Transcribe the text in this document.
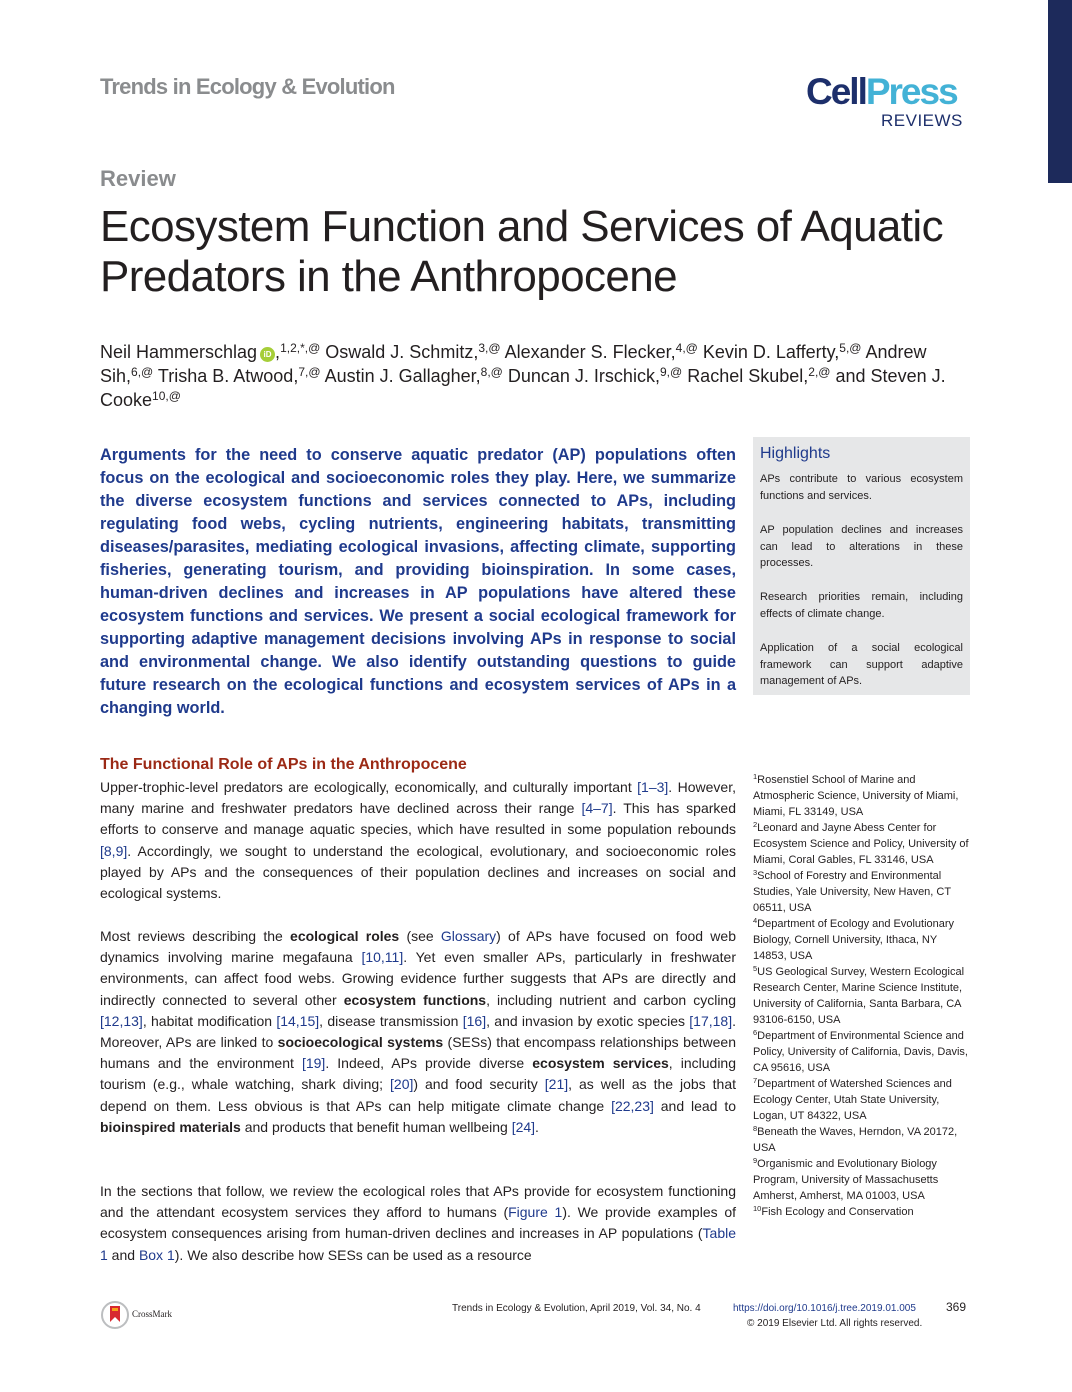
Trends in Ecology & Evolution	CellPress
REVIEWS
Review
Ecosystem Function and Services of Aquatic Predators in the Anthropocene
Neil Hammerschlag iD ,$^{1,2,*,@}$ Oswald J. Schmitz,$^{3,@}$ Alexander S. Flecker,$^{4,@}$ Kevin D. Lafferty,$^{5,@}$ Andrew Sih,$^{6,@}$ Trisha B. Atwood,$^{7,@}$ Austin J. Gallagher,$^{8,@}$ Duncan J. Irschick,$^{9,@}$ Rachel Skubel,$^{2,@}$ and Steven J. Cooke$^{10,@}$
Arguments for the need to conserve aquatic predator (AP) populations often focus on the ecological and socioeconomic roles they play. Here, we summarize the diverse ecosystem functions and services connected to APs, including regulating food webs, cycling nutrients, engineering habitats, transmitting diseases/parasites, mediating ecological invasions, affecting climate, supporting fisheries, generating tourism, and providing bioinspiration. In some cases, human-driven declines and increases in AP populations have altered these ecosystem functions and services. We present a social ecological framework for supporting adaptive management decisions involving APs in response to social and environmental change. We also identify outstanding questions to guide future research on the ecological functions and ecosystem services of APs in a changing world.
Highlights
APs contribute to various ecosystem functions and services.
AP population declines and increases can lead to alterations in these processes.
Research priorities remain, including effects of climate change.
Application of a social ecological framework can support adaptive management of APs.
The Functional Role of APs in the Anthropocene
Upper-trophic-level predators are ecologically, economically, and culturally important [1–3]. However, many marine and freshwater predators have declined across their range [4–7]. This has sparked efforts to conserve and manage aquatic species, which have resulted in some population rebounds [8,9]. Accordingly, we sought to understand the ecological, evolutionary, and socioeconomic roles played by APs and the consequences of their population declines and increases on social and ecological systems.
Most reviews describing the ecological roles (see Glossary) of APs have focused on food web dynamics involving marine megafauna [10,11]. Yet even smaller APs, particularly in freshwater environments, can affect food webs. Growing evidence further suggests that APs are directly and indirectly connected to several other ecosystem functions, including nutrient and carbon cycling [12,13], habitat modification [14,15], disease transmission [16], and invasion by exotic species [17,18]. Moreover, APs are linked to socioecological systems (SESs) that encompass relationships between humans and the environment [19]. Indeed, APs provide diverse ecosystem services, including tourism (e.g., whale watching, shark diving; [20]) and food security [21], as well as the jobs that depend on them. Less obvious is that APs can help mitigate climate change [22,23] and lead to bioinspired materials and products that benefit human wellbeing [24].
In the sections that follow, we review the ecological roles that APs provide for ecosystem functioning and the attendant ecosystem services they afford to humans (Figure 1). We provide examples of ecosystem consequences arising from human-driven declines and increases in AP populations (Table 1 and Box 1). We also describe how SESs can be used as a resource

$^1$Rosenstiel School of Marine and Atmospheric Science, University of Miami, Miami, FL 33149, USA

$^2$Leonard and Jayne Abess Center for Ecosystem Science and Policy, University of Miami, Coral Gables, FL 33146, USA

$^3$School of Forestry and Environmental Studies, Yale University, New Haven, CT 06511, USA

$^4$Department of Ecology and Evolutionary Biology, Cornell University, Ithaca, NY 14853, USA

$^5$US Geological Survey, Western Ecological Research Center, Marine Science Institute, University of California, Santa Barbara, CA 93106-6150, USA

$^6$Department of Environmental Science and Policy, University of California, Davis, Davis, CA 95616, USA

$^7$Department of Watershed Sciences and Ecology Center, Utah State University, Logan, UT 84322, USA

$^8$Beneath the Waves, Herndon, VA 20172, USA

$^9$Organismic and Evolutionary Biology Program, University of Massachusetts Amherst, Amherst, MA 01003, USA

$^{10}$Fish Ecology and Conservation

CrossMark	Trends in Ecology & Evolution, April 2019, Vol. 34, No. 4	https://doi.org/10.1016/j.tree.2019.01.005	369
© 2019 Elsevier Ltd. All rights reserved.
